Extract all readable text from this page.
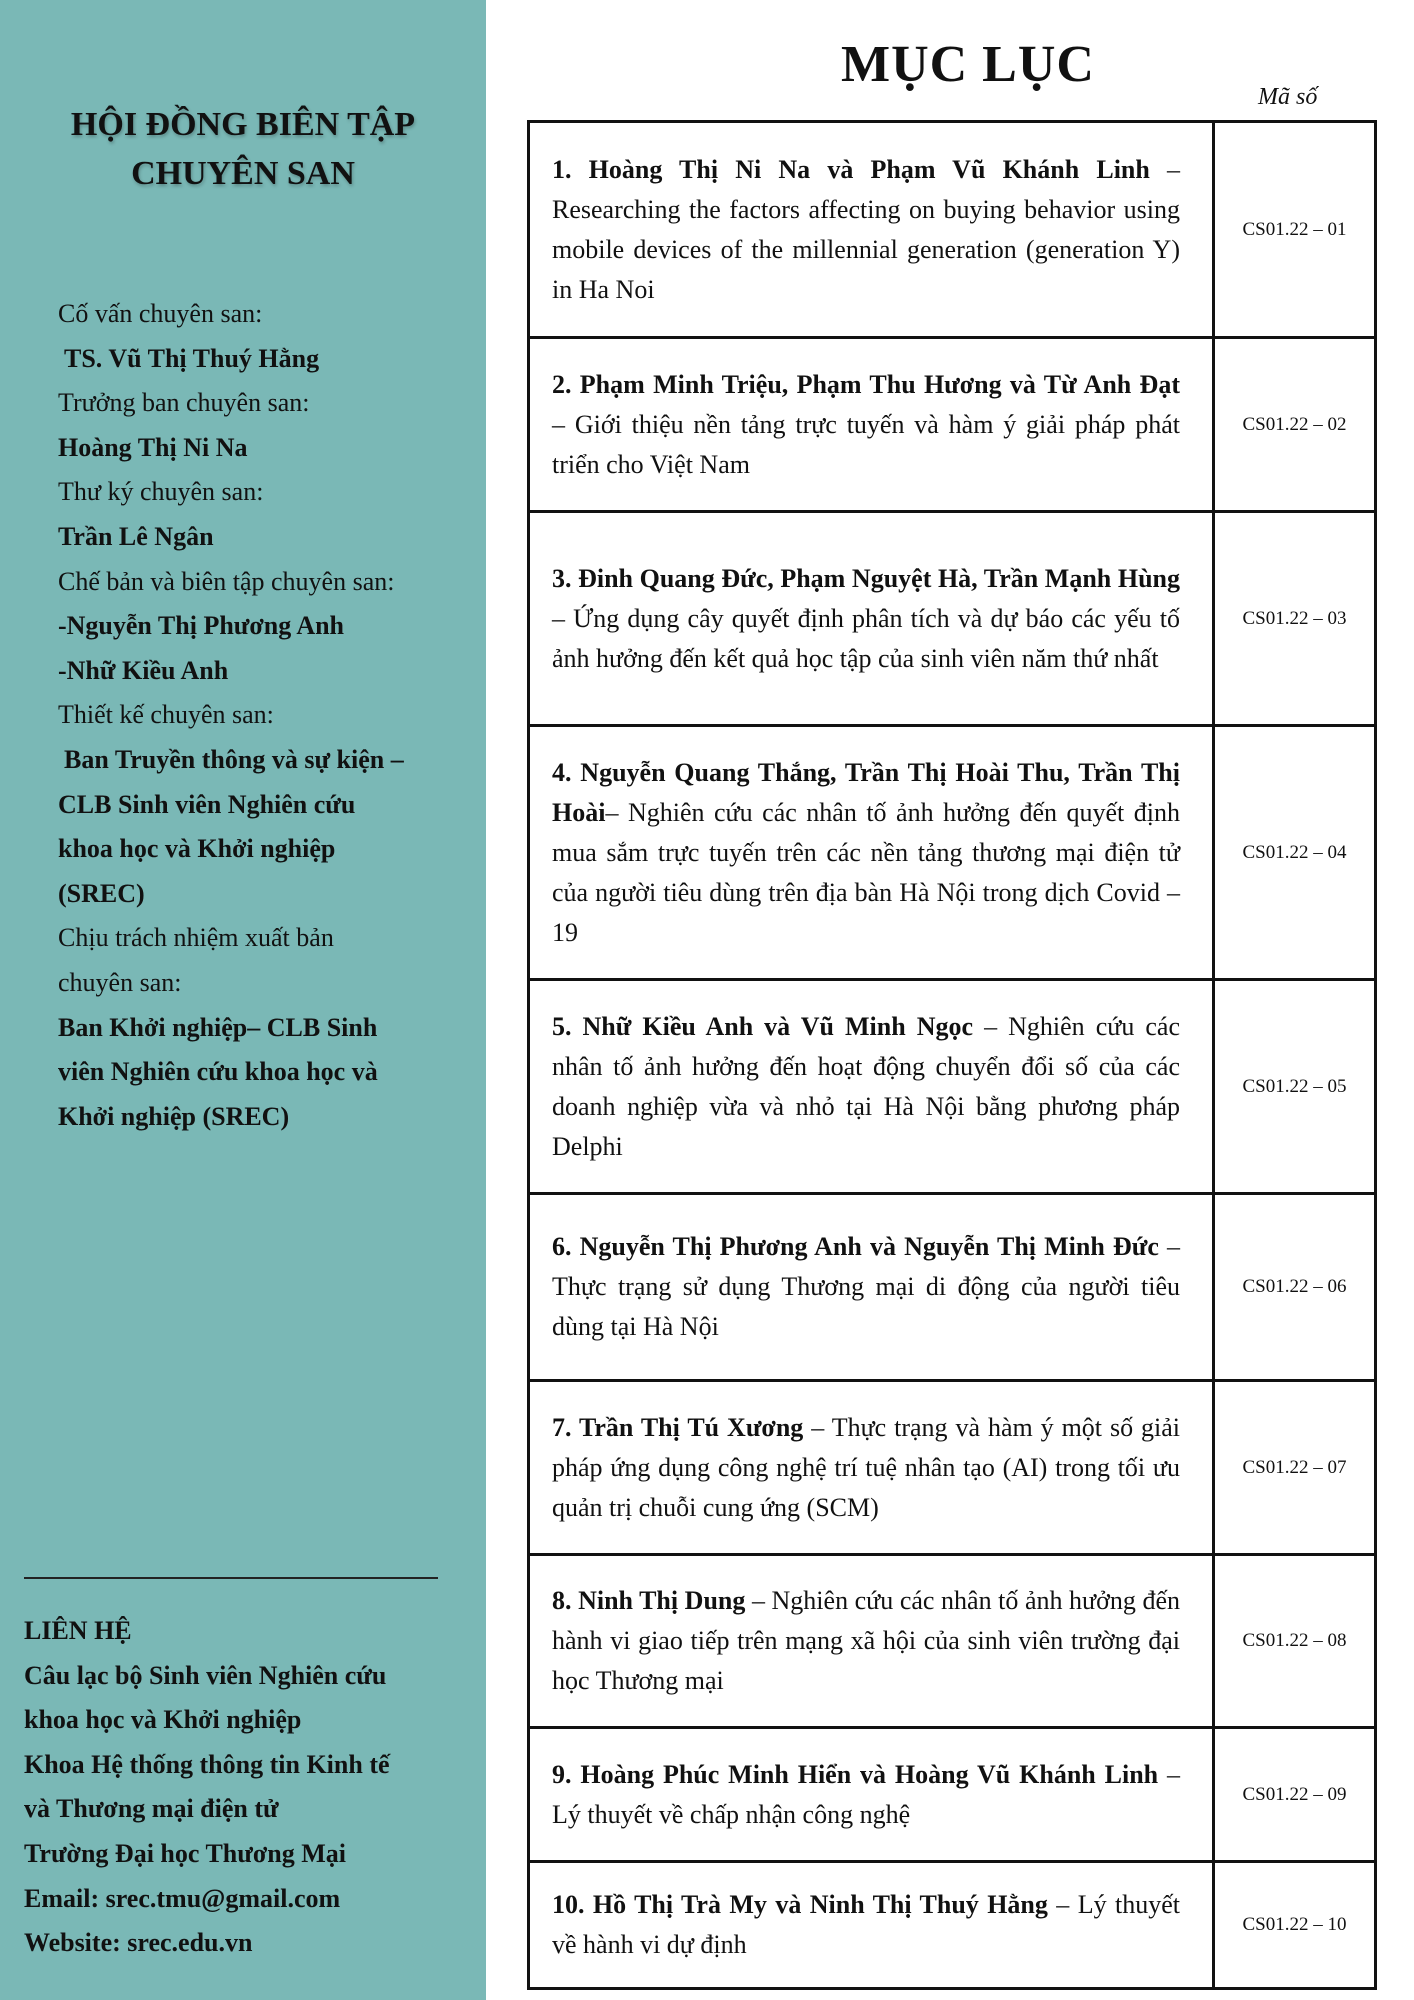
HỘI ĐỒNG BIÊN TẬP
CHUYÊN SAN
Cố vấn chuyên san:
TS. Vũ Thị Thuý Hằng
Trưởng ban chuyên san:
Hoàng Thị Ni Na
Thư ký chuyên san:
Trần Lê Ngân
Chế bản và biên tập chuyên san:
-Nguyễn Thị Phương Anh
-Nhữ Kiều Anh
Thiết kế chuyên san:
Ban Truyền thông và sự kiện –
CLB Sinh viên Nghiên cứu
khoa học và Khởi nghiệp
(SREC)
Chịu trách nhiệm xuất bản
chuyên san:
Ban Khởi nghiệp– CLB Sinh
viên Nghiên cứu khoa học và
Khởi nghiệp (SREC)
LIÊN HỆ
Câu lạc bộ Sinh viên Nghiên cứu
khoa học và Khởi nghiệp
Khoa Hệ thống thông tin Kinh tế
và Thương mại điện tử
Trường Đại học Thương Mại
Email: srec.tmu@gmail.com
Website: srec.edu.vn
MỤC LỤC
Mã số
1. Hoàng Thị Ni Na và Phạm Vũ Khánh Linh – Researching the factors affecting on buying behavior using mobile devices of the millennial generation (generation Y) in Ha Noi
CS01.22 – 01
2. Phạm Minh Triệu, Phạm Thu Hương và Từ Anh Đạt – Giới thiệu nền tảng trực tuyến và hàm ý giải pháp phát triển cho Việt Nam
CS01.22 – 02
3. Đinh Quang Đức, Phạm Nguyệt Hà, Trần Mạnh Hùng – Ứng dụng cây quyết định phân tích và dự báo các yếu tố ảnh hưởng đến kết quả học tập của sinh viên năm thứ nhất
CS01.22 – 03
4. Nguyễn Quang Thắng, Trần Thị Hoài Thu, Trần Thị Hoài– Nghiên cứu các nhân tố ảnh hưởng đến quyết định mua sắm trực tuyến trên các nền tảng thương mại điện tử của người tiêu dùng trên địa bàn Hà Nội trong dịch Covid – 19
CS01.22 – 04
5. Nhữ Kiều Anh và Vũ Minh Ngọc – Nghiên cứu các nhân tố ảnh hưởng đến hoạt động chuyển đổi số của các doanh nghiệp vừa và nhỏ tại Hà Nội bằng phương pháp Delphi
CS01.22 – 05
6. Nguyễn Thị Phương Anh và Nguyễn Thị Minh Đức – Thực trạng sử dụng Thương mại di động của người tiêu dùng tại Hà Nội
CS01.22 – 06
7. Trần Thị Tú Xương – Thực trạng và hàm ý một số giải pháp ứng dụng công nghệ trí tuệ nhân tạo (AI) trong tối ưu quản trị chuỗi cung ứng (SCM)
CS01.22 – 07
8. Ninh Thị Dung – Nghiên cứu các nhân tố ảnh hưởng đến hành vi giao tiếp trên mạng xã hội của sinh viên trường đại học Thương mại
CS01.22 – 08
9. Hoàng Phúc Minh Hiển và Hoàng Vũ Khánh Linh – Lý thuyết về chấp nhận công nghệ
CS01.22 – 09
10. Hồ Thị Trà My và Ninh Thị Thuý Hằng – Lý thuyết về hành vi dự định
CS01.22 – 10
